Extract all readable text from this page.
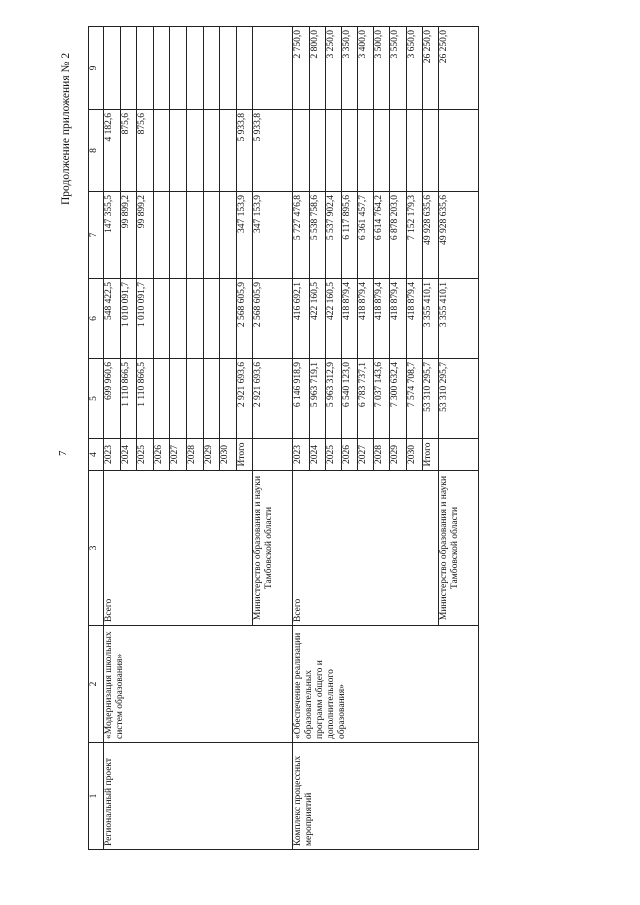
7
Продолжение приложения № 2
1	2	3	4	5	6	7	8	9
Региональный проект	«Модернизация школьных систем образования»	Всего	2023	699 960,6	548 422,5	147 355,5	4 182,6	
			2024	1 110 866,5	1 010 091,7	99 899,2	875,6	
			2025	1 110 866,5	1 010 091,7	99 899,2	875,6	
			2026					
			2027					
			2028					
			2029					
			2030					
			Итого	2 921 693,6	2 568 605,9	347 153,9	5 933,8	
		Министерство образования и науки Тамбовской области		2 921 693,6	2 568 605,9	347 153,9	5 933,8	
Комплекс процессных мероприятий	«Обеспечение реализации образовательных программ общего и дополнительного образования»	Всего	2023	6 146 918,9	416 692,1	5 727 476,8		2 750,0
			2024	5 963 719,1	422 160,5	5 538 758,6		2 800,0
			2025	5 963 312,9	422 160,5	5 537 902,4		3 250,0
			2026	6 540 123,0	418 879,4	6 117 895,6		3 350,0
			2027	6 783 737,1	418 879,4	6 361 457,7		3 400,0
			2028	7 037 143,6	418 879,4	6 614 764,2		3 500,0
			2029	7 300 632,4	418 879,4	6 878 203,0		3 550,0
			2030	7 574 708,7	418 879,4	7 152 179,3		3 650,0
			Итого	53 310 295,7	3 355 410,1	49 928 635,6		26 250,0
		Министерство образования и науки Тамбовской области		53 310 295,7	3 355 410,1	49 928 635,6		26 250,0
